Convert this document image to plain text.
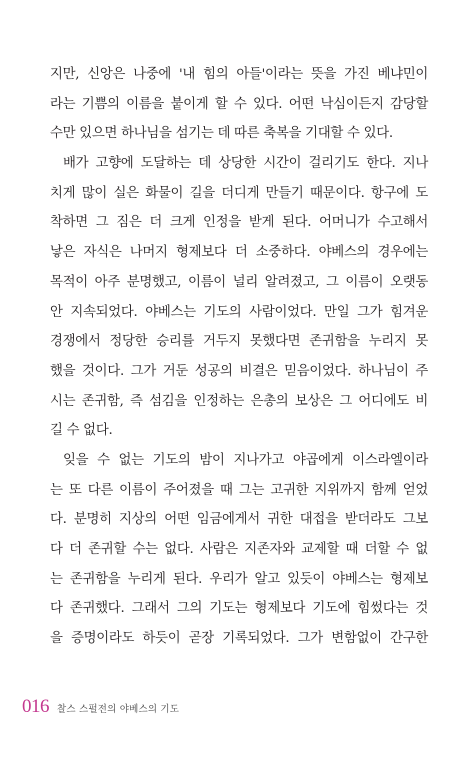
지만, 신앙은 나중에 '내 힘의 아들'이라는 뜻을 가진 베냐민이
라는 기쁨의 이름을 붙이게 할 수 있다. 어떤 낙심이든지 감당할
수만 있으면 하나님을 섬기는 데 따른 축복을 기대할 수 있다.
배가 고향에 도달하는 데 상당한 시간이 걸리기도 한다. 지나
치게 많이 실은 화물이 길을 더디게 만들기 때문이다. 항구에 도
착하면 그 짐은 더 크게 인정을 받게 된다. 어머니가 수고해서
낳은 자식은 나머지 형제보다 더 소중하다. 야베스의 경우에는
목적이 아주 분명했고, 이름이 널리 알려졌고, 그 이름이 오랫동
안 지속되었다. 야베스는 기도의 사람이었다. 만일 그가 힘겨운
경쟁에서 정당한 승리를 거두지 못했다면 존귀함을 누리지 못
했을 것이다. 그가 거둔 성공의 비결은 믿음이었다. 하나님이 주
시는 존귀함, 즉 섬김을 인정하는 은총의 보상은 그 어디에도 비
길 수 없다.
잊을 수 없는 기도의 밤이 지나가고 야곱에게 이스라엘이라
는 또 다른 이름이 주어졌을 때 그는 고귀한 지위까지 함께 얻었
다. 분명히 지상의 어떤 임금에게서 귀한 대접을 받더라도 그보
다 더 존귀할 수는 없다. 사람은 지존자와 교제할 때 더할 수 없
는 존귀함을 누리게 된다. 우리가 알고 있듯이 야베스는 형제보
다 존귀했다. 그래서 그의 기도는 형제보다 기도에 힘썼다는 것
을 증명이라도 하듯이 곧장 기록되었다. 그가 변함없이 간구한
016 찰스 스펄전의 야베스의 기도
